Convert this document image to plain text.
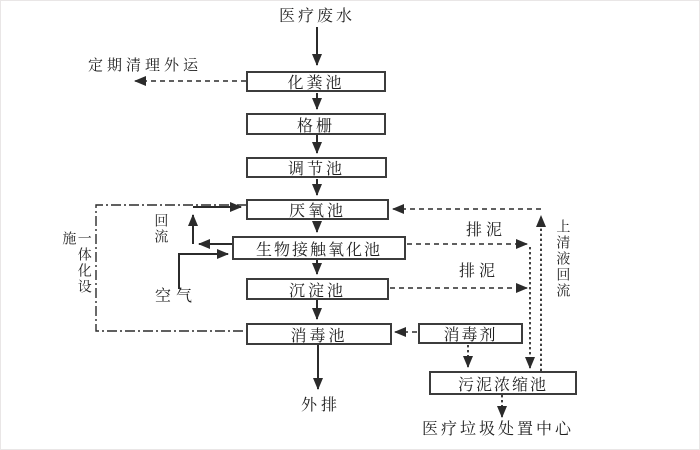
化粪池
格栅
调节池
厌氧池
生物接触氧化池
沉淀池
消毒池	消毒剂
污泥浓缩池
医疗废水
定期清理外运
回流
空气
排泥
排泥	上清液回流
一体化设施
外排
医疗垃圾处置中心
